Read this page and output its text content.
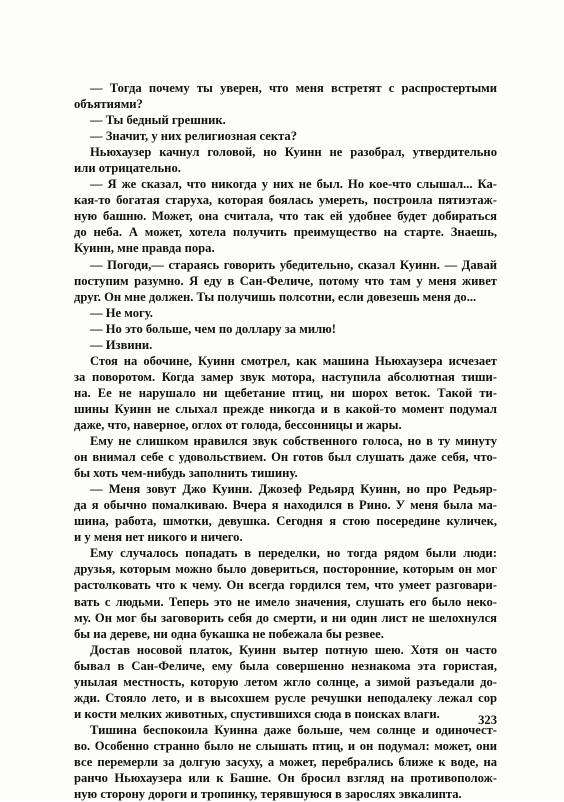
— Тогда почему ты уверен, что меня встретят с распростертыми
объятиями?
— Ты бедный грешник.
— Значит, у них религиозная секта?
Ньюхаузер качнул головой, но Куинн не разобрал, утвердительно
или отрицательно.
— Я же сказал, что никогда у них не был. Но кое-что слышал... Ка-
кая-то богатая старуха, которая боялась умереть, построила пятиэтаж-
ную башню. Может, она считала, что так ей удобнее будет добираться
до неба. А может, хотела получить преимущество на старте. Знаешь,
Куинн, мне правда пора.
— Погоди,— стараясь говорить убедительно, сказал Куинн. — Давай
поступим разумно. Я еду в Сан-Феличе, потому что там у меня живет
друг. Он мне должен. Ты получишь полсотни, если довезешь меня до...
— Не могу.
— Но это больше, чем по доллару за милю!
— Извини.
Стоя на обочине, Куинн смотрел, как машина Ньюхаузера исчезает
за поворотом. Когда замер звук мотора, наступила абсолютная тиши-
на. Ее не нарушало ни щебетание птиц, ни шорох веток. Такой ти-
шины Куинн не слыхал прежде никогда и в какой-то момент подумал
даже, что, наверное, оглох от голода, бессонницы и жары.
Ему не слишком нравился звук собственного голоса, но в ту минуту
он внимал себе с удовольствием. Он готов был слушать даже себя, что-
бы хоть чем-нибудь заполнить тишину.
— Меня зовут Джо Куинн. Джозеф Редьярд Куинн, но про Редьяр-
да я обычно помалкиваю. Вчера я находился в Рино. У меня была ма-
шина, работа, шмотки, девушка. Сегодня я стою посередине куличек,
и у меня нет никого и ничего.
Ему случалось попадать в переделки, но тогда рядом были люди:
друзья, которым можно было довериться, посторонние, которым он мог
растолковать что к чему. Он всегда гордился тем, что умеет разговари-
вать с людьми. Теперь это не имело значения, слушать его было неко-
му. Он мог бы заговорить себя до смерти, и ни один лист не шелохнулся
бы на дереве, ни одна букашка не побежала бы резвее.
Достав носовой платок, Куинн вытер потную шею. Хотя он часто
бывал в Сан-Феличе, ему была совершенно незнакома эта гористая,
унылая местность, которую летом жгло солнце, а зимой разъедали до-
жди. Стояло лето, и в высохшем русле речушки неподалеку лежал сор
и кости мелких животных, спустившихся сюда в поисках влаги.
Тишина беспокоила Куинна даже больше, чем солнце и одиночест-
во. Особенно странно было не слышать птиц, и он подумал: может, они
все перемерли за долгую засуху, а может, перебрались ближе к воде, на
ранчо Ньюхаузера или к Башне. Он бросил взгляд на противополож-
ную сторону дороги и тропинку, терявшуюся в зарослях эвкалипта.
323
